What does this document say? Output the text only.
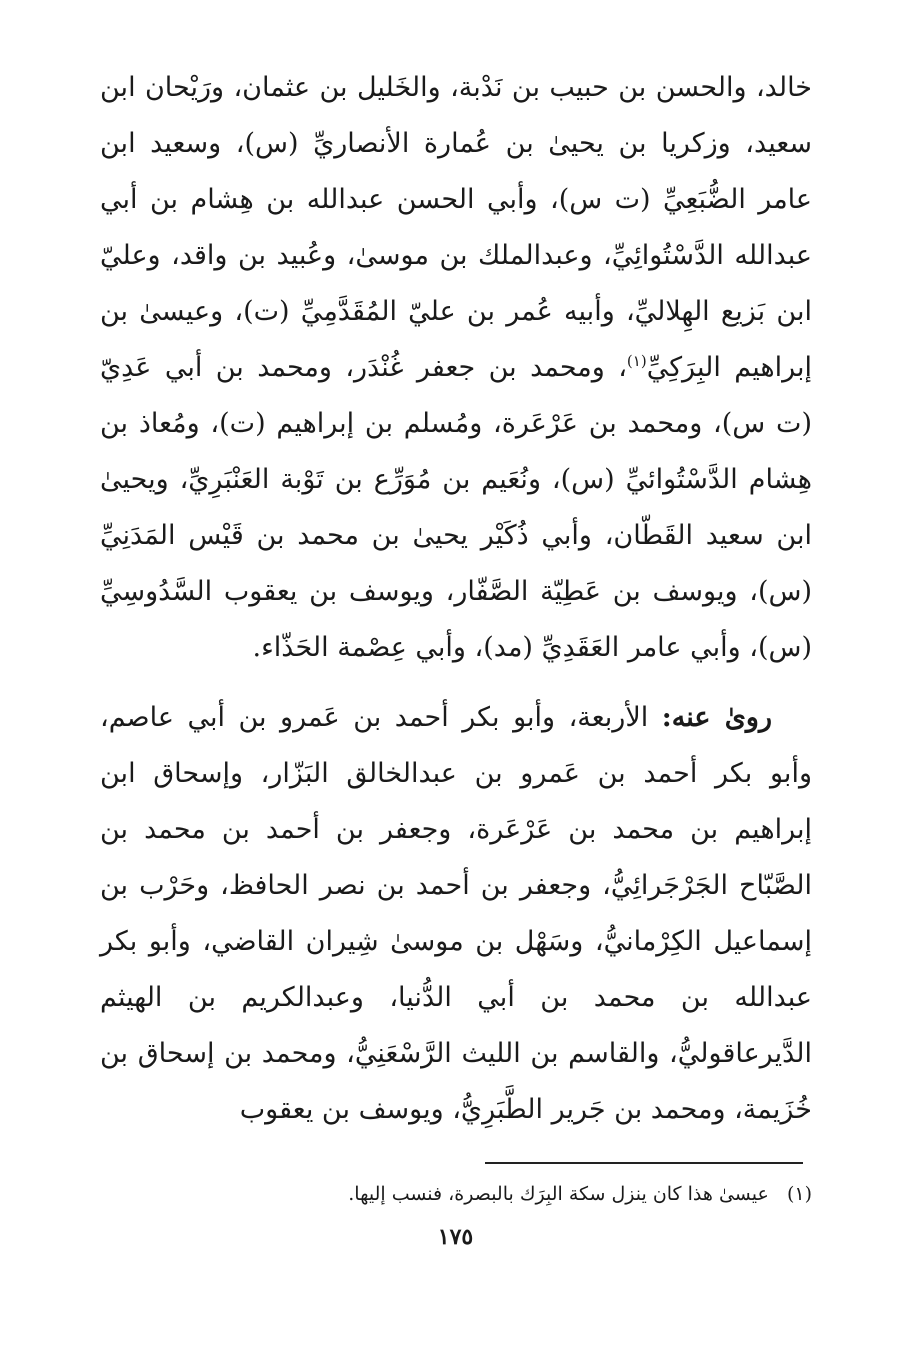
خالد، والحسن بن حبيب بن نَدْبة، والخَليل بن عثمان، ورَيْحان ابن سعيد، وزكريا بن يحيىٰ بن عُمارة الأنصاريِّ (س)، وسعيد ابن عامر الضُّبَعِيِّ (ت س)، وأبي الحسن عبدالله بن هِشام بن أبي عبدالله الدَّسْتُوائِيِّ، وعبدالملك بن موسىٰ، وعُبيد بن واقد، وعليّ ابن بَزيع الهِلاليِّ، وأبيه عُمر بن عليّ المُقَدَّمِيِّ (ت)، وعيسىٰ بن إبراهيم البِرَكِيِّ$^{(١)}$، ومحمد بن جعفر غُنْدَر، ومحمد بن أبي عَدِيّ (ت س)، ومحمد بن عَرْعَرة، ومُسلم بن إبراهيم (ت)، ومُعاذ بن هِشام الدَّسْتُوائيِّ (س)، ونُعَيم بن مُوَرِّع بن تَوْبة العَنْبَرِيِّ، ويحيىٰ ابن سعيد القَطّان، وأبي ذُكَيْر يحيىٰ بن محمد بن قَيْس المَدَنِيِّ (س)، ويوسف بن عَطِيّة الصَّفّار، ويوسف بن يعقوب السَّدُوسِيِّ (س)، وأبي عامر العَقَدِيِّ (مد)، وأبي عِصْمة الحَذّاء.

روىٰ عنه: الأربعة، وأبو بكر أحمد بن عَمرو بن أبي عاصم، وأبو بكر أحمد بن عَمرو بن عبدالخالق البَزّار، وإسحاق ابن إبراهيم بن محمد بن عَرْعَرة، وجعفر بن أحمد بن محمد بن الصَّبّاح الجَرْجَرائِيُّ، وجعفر بن أحمد بن نصر الحافظ، وحَرْب بن إسماعيل الكِرْمانيُّ، وسَهْل بن موسىٰ شِيران القاضي، وأبو بكر عبدالله بن محمد بن أبي الدُّنيا، وعبدالكريم بن الهيثم الدَّيرعاقوليُّ، والقاسم بن الليث الرَّسْعَنِيُّ، ومحمد بن إسحاق بن خُزَيمة، ومحمد بن جَرير الطَّبَرِيُّ، ويوسف بن يعقوب

(١)   عيسىٰ هذا كان ينزل سكة البِرَك بالبصرة، فنسب إليها.

١٧٥
